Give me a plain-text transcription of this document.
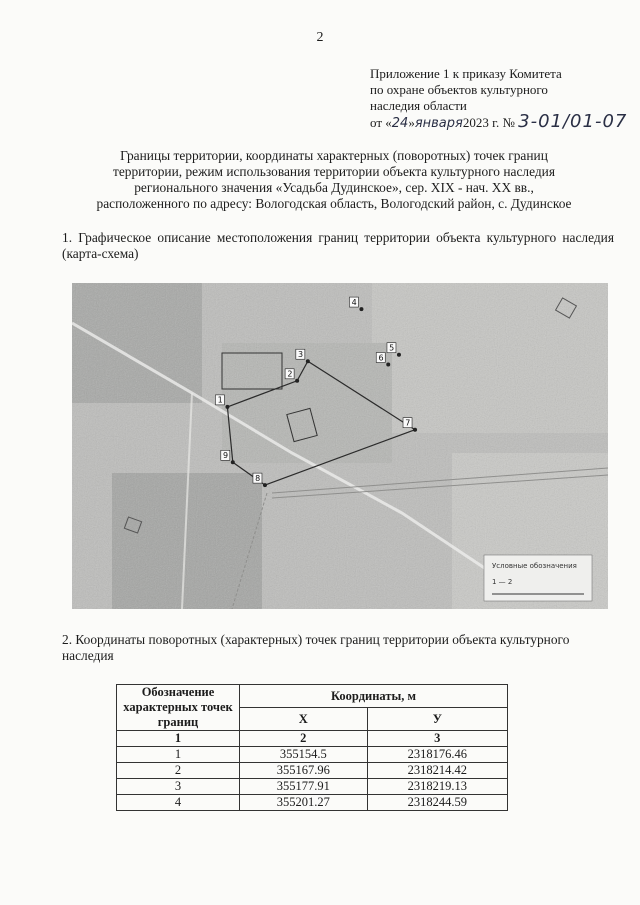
2
Приложение 1 к приказу Комитета
по охране объектов культурного
наследия области
от «24»января2023 г. № 3-01/01-07
Границы территории, координаты характерных (поворотных) точек границ
территории, режим использования территории объекта культурного наследия
регионального значения «Усадьба Дудинское», сер. XIX - нач. XX вв.,
расположенного по адресу: Вологодская область, Вологодский район, с. Дудинское
1. Графическое описание местоположения границ территории объекта культурного наследия (карта-схема)
1
2
3
4
5
6
7
8
9
Условные обозначения
1 — 2
2. Координаты поворотных (характерных) точек границ территории объекта культурного наследия
Обозначение характерных точек границ	Координаты, м	
	X	У
1	2	3
1	355154.5	2318176.46
2	355167.96	2318214.42
3	355177.91	2318219.13
4	355201.27	2318244.59
